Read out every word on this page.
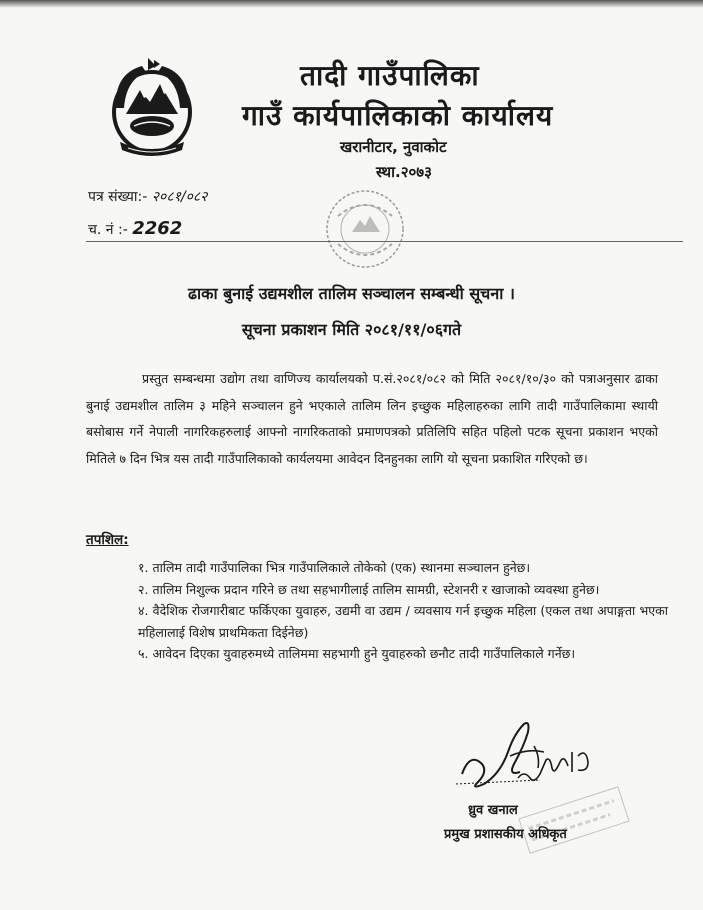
तादी गाउँपालिका
गाउँ कार्यपालिकाको कार्यालय
खरानीटार, नुवाकोट
स्था.२०७३
पत्र संख्या:- २०८१/०८२
च. नं :- 2262
ढाका बुनाई उद्यमशील तालिम सञ्चालन सम्बन्धी सूचना ।
सूचना प्रकाशन मिति २०८१/११/०६गते
प्रस्तुत सम्बन्धमा उद्योग तथा वाणिज्य कार्यालयको प.सं.२०८१/०८२ को मिति २०८१/१०/३० को पत्राअनुसार ढाका बुनाई उद्यमशील तालिम ३ महिने सञ्चालन हुने भएकाले तालिम लिन इच्छुक महिलाहरुका लागि तादी गाउँपालिकामा स्थायी बसोबास गर्ने नेपाली नागरिकहरुलाई आफ्नो नागरिकताको प्रमाणपत्रको प्रतिलिपि सहित पहिलो पटक सूचना प्रकाशन भएको मितिले ७ दिन भित्र यस तादी गाउँपालिकाको कार्यलयमा आवेदन दिनहुनका लागि यो सूचना प्रकाशित गरिएको छ।
तपशिल:
१. तालिम तादी गाउँपालिका भित्र गाउँपालिकाले तोकेको (एक) स्थानमा सञ्चालन हुनेछ।
२. तालिम निशुल्क प्रदान गरिने छ तथा सहभागीलाई तालिम सामग्री, स्टेशनरी र खाजाको व्यवस्था हुनेछ।
४. वैदेशिक रोजगारीबाट फर्किएका युवाहरु, उद्यमी वा उद्यम / व्यवसाय गर्न इच्छुक महिला (एकल तथा अपाङ्गता भएका महिलालाई विशेष प्राथमिकता दिईनेछ)
५. आवेदन दिएका युवाहरुमध्ये तालिममा सहभागी हुने युवाहरुको छनौट तादी गाउँपालिकाले गर्नेछ।
ध्रुव खनाल
प्रमुख प्रशासकीय अधिकृत
